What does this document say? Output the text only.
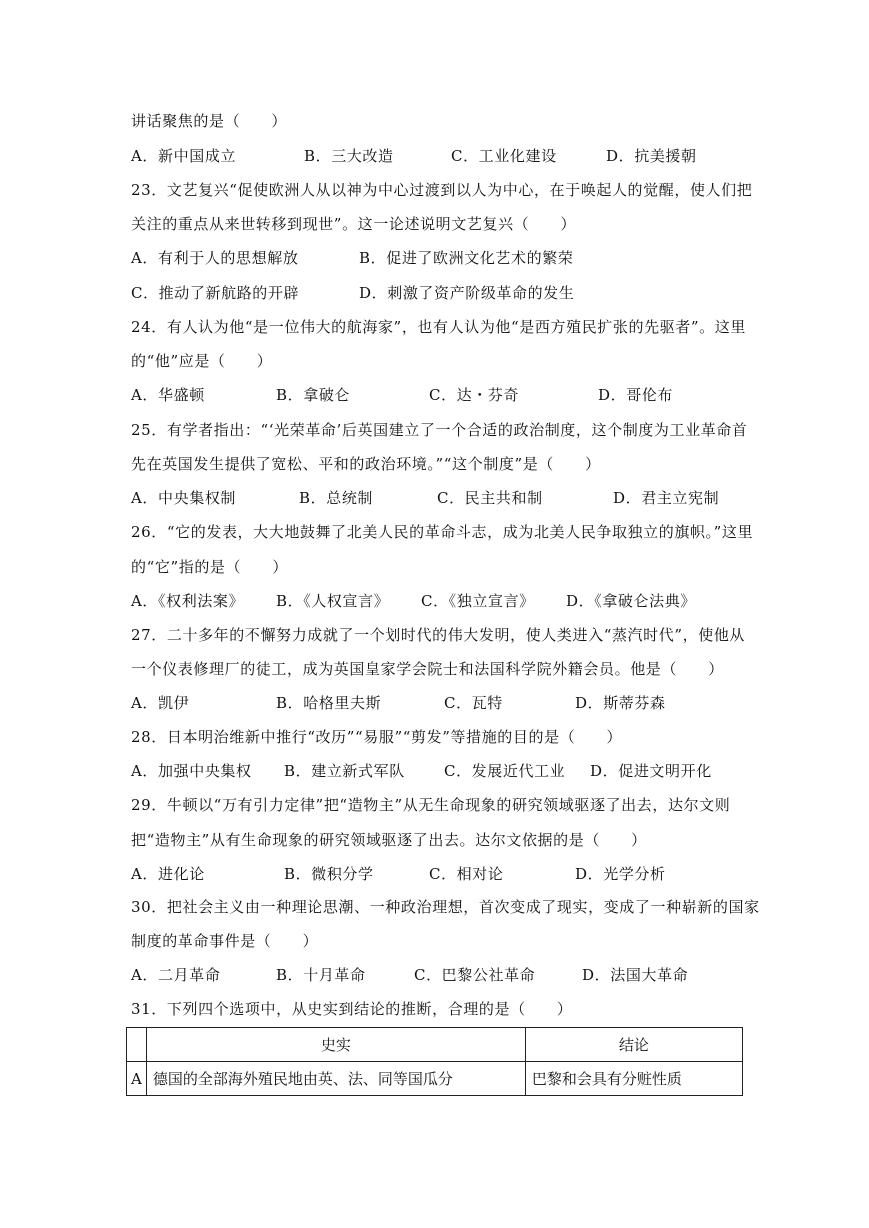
讲话聚焦的是（　　）
A．新中国成立	B．三大改造	C．工业化建设	D．抗美援朝
23．文艺复兴“促使欧洲人从以神为中心过渡到以人为中心，在于唤起人的觉醒，使人们把
关注的重点从来世转移到现世”。这一论述说明文艺复兴（　　）
A．有利于人的思想解放	B．促进了欧洲文化艺术的繁荣
C．推动了新航路的开辟	D．刺激了资产阶级革命的发生
24．有人认为他“是一位伟大的航海家”，也有人认为他“是西方殖民扩张的先驱者”。这里
的“他”应是（　　）
A．华盛顿	B．拿破仑	C．达・芬奇	D．哥伦布
25．有学者指出：“‘光荣革命’后英国建立了一个合适的政治制度，这个制度为工业革命首
先在英国发生提供了宽松、平和的政治环境。”“这个制度”是（　　）
A．中央集权制	B．总统制	C．民主共和制	D．君主立宪制
26．“它的发表，大大地鼓舞了北美人民的革命斗志，成为北美人民争取独立的旗帜。”这里
的“它”指的是（　　）
A．《权利法案》 B．《人权宣言》 C．《独立宣言》 D．《拿破仑法典》
27．二十多年的不懈努力成就了一个划时代的伟大发明，使人类进入“蒸汽时代”，使他从
一个仪表修理厂的徒工，成为英国皇家学会院士和法国科学院外籍会员。他是（　　）
A．凯伊	B．哈格里夫斯	C．瓦特	D．斯蒂芬森
28．日本明治维新中推行“改历”“易服”“剪发”等措施的目的是（　　）
A．加强中央集权 B．建立新式军队	C．发展近代工业 D．促进文明开化
29．牛顿以“万有引力定律”把“造物主”从无生命现象的研究领域驱逐了出去，达尔文则
把“造物主”从有生命现象的研究领域驱逐了出去。达尔文依据的是（　　）
A．进化论	B．微积分学	C．相对论	D．光学分析
30．把社会主义由一种理论思潮、一种政治理想，首次变成了现实，变成了一种崭新的国家
制度的革命事件是（　　）
A．二月革命	B．十月革命	C．巴黎公社革命	D．法国大革命
31．下列四个选项中，从史实到结论的推断，合理的是（　　）
	史实	结论
A	德国的全部海外殖民地由英、法、同等国瓜分	巴黎和会具有分赃性质
